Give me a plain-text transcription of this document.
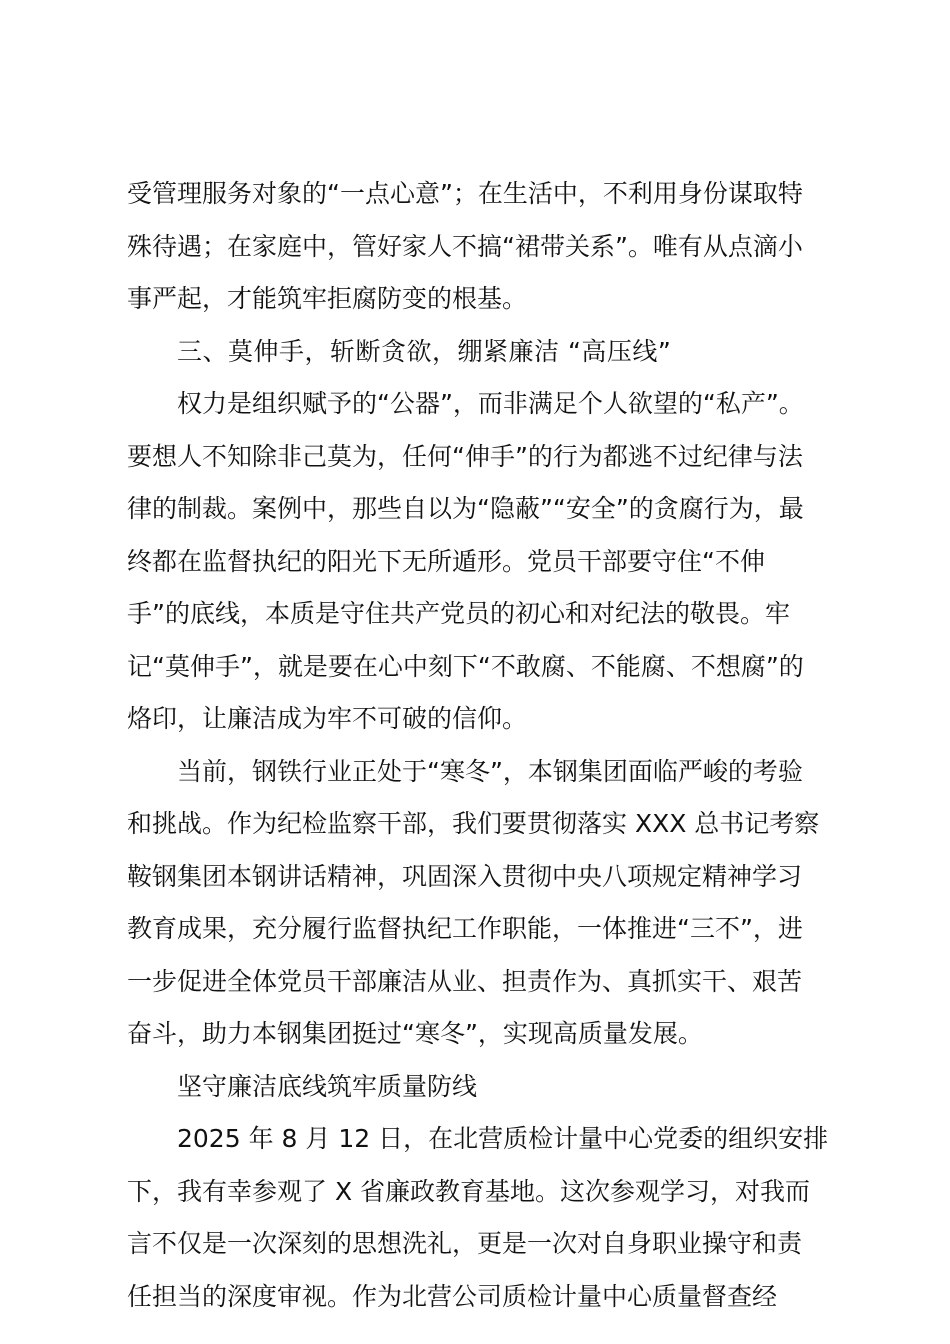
受管理服务对象的“一点心意”；在生活中，不利用身份谋取特
殊待遇；在家庭中，管好家人不搞“裙带关系”。唯有从点滴小
事严起，才能筑牢拒腐防变的根基。
三、莫伸手，斩断贪欲，绷紧廉洁 “高压线”
权力是组织赋予的“公器”，而非满足个人欲望的“私产”。
要想人不知除非己莫为，任何“伸手”的行为都逃不过纪律与法
律的制裁。案例中，那些自以为“隐蔽”“安全”的贪腐行为，最
终都在监督执纪的阳光下无所遁形。党员干部要守住“不伸
手”的底线，本质是守住共产党员的初心和对纪法的敬畏。牢
记“莫伸手”，就是要在心中刻下“不敢腐、不能腐、不想腐”的
烙印，让廉洁成为牢不可破的信仰。
当前，钢铁行业正处于“寒冬”，本钢集团面临严峻的考验
和挑战。作为纪检监察干部，我们要贯彻落实 XXX 总书记考察
鞍钢集团本钢讲话精神，巩固深入贯彻中央八项规定精神学习
教育成果，充分履行监督执纪工作职能，一体推进“三不”，进
一步促进全体党员干部廉洁从业、担责作为、真抓实干、艰苦
奋斗，助力本钢集团挺过“寒冬”，实现高质量发展。
坚守廉洁底线筑牢质量防线
2025 年 8 月 12 日，在北营质检计量中心党委的组织安排
下，我有幸参观了 X 省廉政教育基地。这次参观学习，对我而
言不仅是一次深刻的思想洗礼，更是一次对自身职业操守和责
任担当的深度审视。作为北营公司质检计量中心质量督查经
